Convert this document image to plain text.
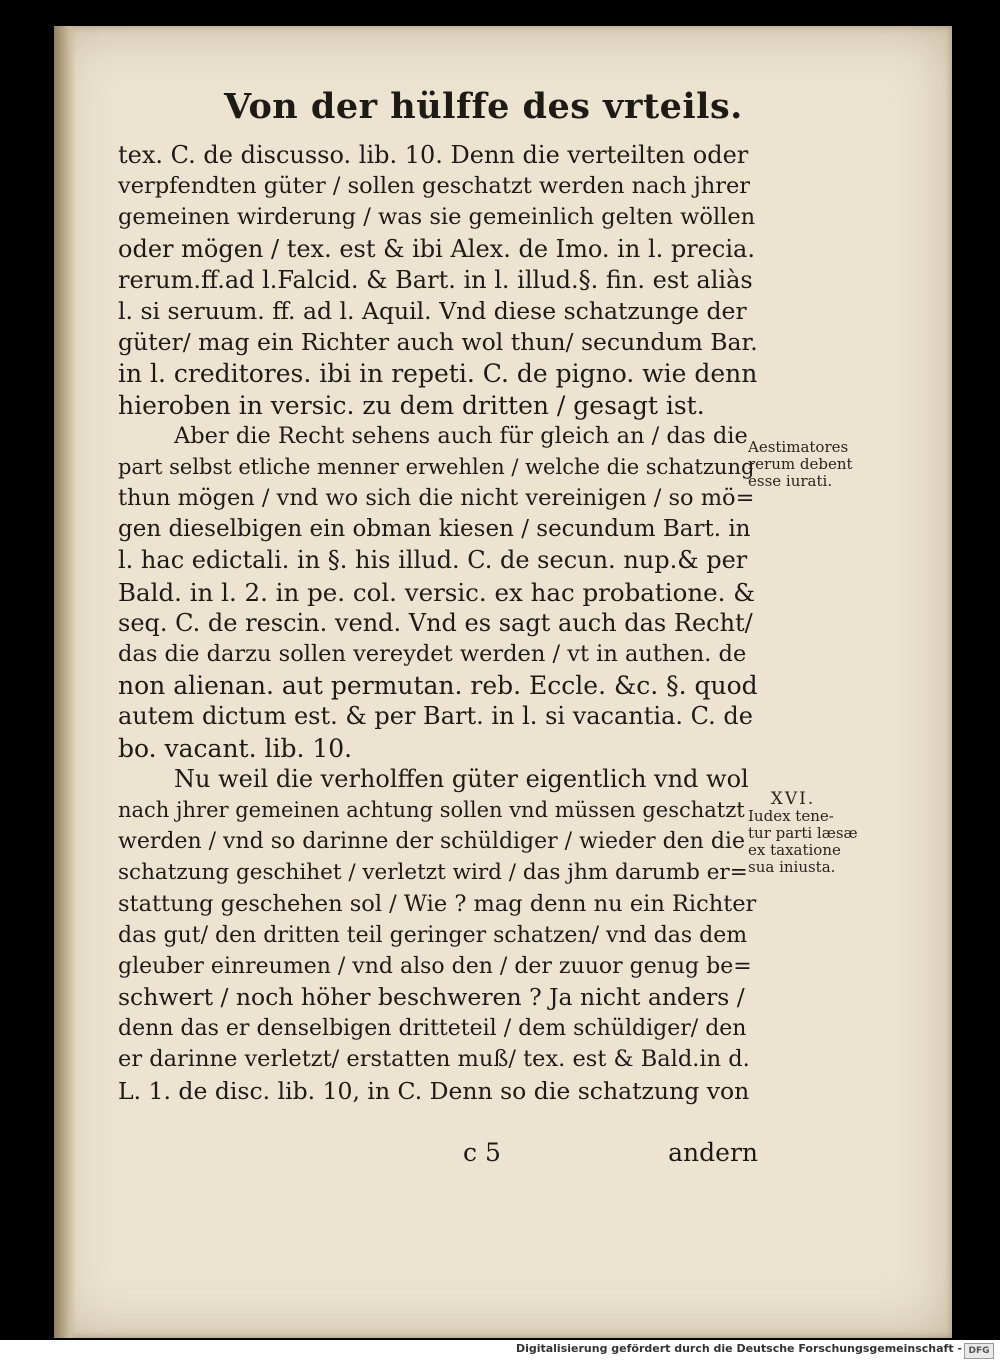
Von der hülffe des vrteils.
tex. C. de discusso. lib. 10. Denn die verteilten oder
verpfendten güter / sollen geschatzt werden nach jhrer
gemeinen wirderung / was sie gemeinlich gelten wöllen
oder mögen / tex. est & ibi Alex. de Imo. in l. precia.
rerum.ff.ad l.Falcid. & Bart. in l. illud.§. fin. est aliàs
l. si seruum. ff. ad l. Aquil. Vnd diese schatzunge der
güter/ mag ein Richter auch wol thun/ secundum Bar.
in l. creditores. ibi in repeti. C. de pigno. wie denn
hieroben in versic. zu dem dritten / gesagt ist.
Aber die Recht sehens auch für gleich an / das die
part selbst etliche menner erwehlen / welche die schatzung
thun mögen / vnd wo sich die nicht vereinigen / so mö=
gen dieselbigen ein obman kiesen / secundum Bart. in
l. hac edictali. in §. his illud. C. de secun. nup.& per
Bald. in l. 2. in pe. col. versic. ex hac probatione. &
seq. C. de rescin. vend. Vnd es sagt auch das Recht/
das die darzu sollen vereydet werden / vt in authen. de
non alienan. aut permutan. reb. Eccle. &c. §. quod
autem dictum est. & per Bart. in l. si vacantia. C. de
bo. vacant. lib. 10.
Nu weil die verholffen güter eigentlich vnd wol
nach jhrer gemeinen achtung sollen vnd müssen geschatzt
werden / vnd so darinne der schüldiger / wieder den die
schatzung geschihet / verletzt wird / das jhm darumb er=
stattung geschehen sol / Wie ? mag denn nu ein Richter
das gut/ den dritten teil geringer schatzen/ vnd das dem
gleuber einreumen / vnd also den / der zuuor genug be=
schwert / noch höher beschweren ? Ja nicht anders /
denn das er denselbigen dritteteil / dem schüldiger/ den
er darinne verletzt/ erstatten muß/ tex. est & Bald.in d.
L. 1. de disc. lib. 10, in C. Denn so die schatzung von
Aestimatores
rerum debent
esse iurati.
XVI.
Iudex tene-
tur parti læsæ
ex taxatione
sua iniusta.
c 5	andern
Digitalisierung gefördert durch die Deutsche Forschungsgemeinschaft - DFG
